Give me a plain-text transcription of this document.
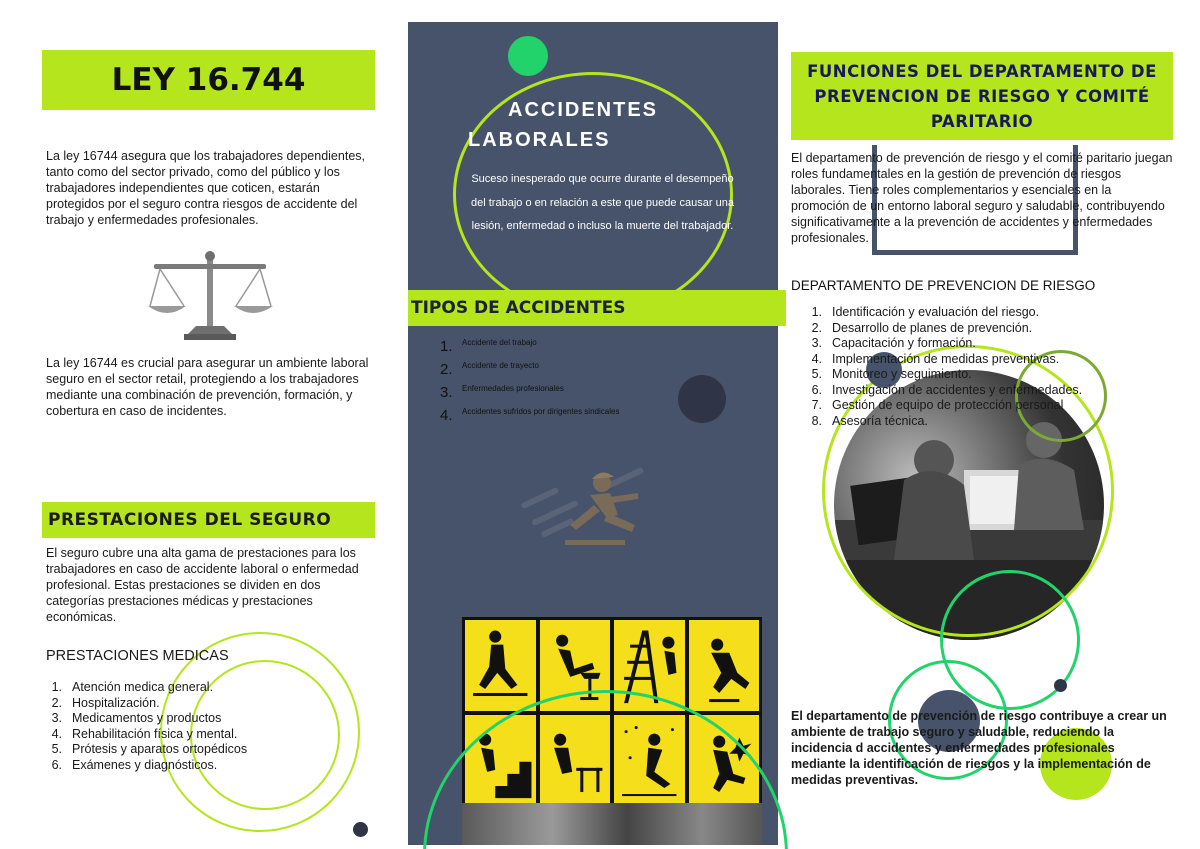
LEY 16.744
La ley 16744 asegura que los trabajadores dependientes, tanto como del sector privado, como del público y los trabajadores independientes que coticen, estarán protegidos por el seguro contra riesgos de accidente del trabajo y enfermedades profesionales.
La ley 16744 es crucial para asegurar un ambiente laboral seguro en el sector retail, protegiendo a los trabajadores mediante una combinación de prevención, formación, y cobertura en caso de incidentes.
PRESTACIONES DEL SEGURO
El seguro cubre una alta gama de prestaciones para los trabajadores en caso de accidente laboral o enfermedad profesional. Estas prestaciones se dividen en dos categorías prestaciones médicas y prestaciones económicas.
PRESTACIONES MEDICAS
1. Atención medica general.
2. Hospitalización.
3. Medicamentos y productos
4. Rehabilitación física y mental.
5. Prótesis y aparatos ortopédicos
6. Exámenes y diagnósticos.
ACCIDENTES
LABORALES
Suceso inesperado que ocurre durante el desempeño del trabajo o en relación a este que puede causar una lesión, enfermedad o incluso la muerte del trabajador.
TIPOS DE ACCIDENTES
1.	Accidente del trabajo
2.	Accidente de trayecto
3.	Enfermedades profesionales
4.	Accidentes sufridos por dirigentes sindicales
FUNCIONES DEL DEPARTAMENTO DE PREVENCION DE RIESGO Y COMITÉ PARITARIO
El departamento de prevención de riesgo y el comité paritario juegan roles fundamentales en la gestión de prevención de riesgos laborales. Tiene roles complementarios y esenciales en la promoción de un entorno laboral seguro y saludable, contribuyendo significativamente a la prevención de accidentes y enfermedades profesionales.
DEPARTAMENTO DE PREVENCION DE RIESGO
1. Identificación y evaluación del riesgo.
2. Desarrollo de planes de prevención.
3. Capacitación y formación.
4. Implementación de medidas preventivas.
5. Monitoreo y seguimiento.
6. Investigación de accidentes y enfermedades.
7. Gestión de equipo de protección personal
8. Asesoría técnica.
El departamento de prevención de riesgo contribuye a crear un ambiente de trabajo seguro y saludable, reduciendo la incidencia d accidentes y enfermedades profesionales mediante la identificación de riesgos y la implementación de medidas preventivas.
